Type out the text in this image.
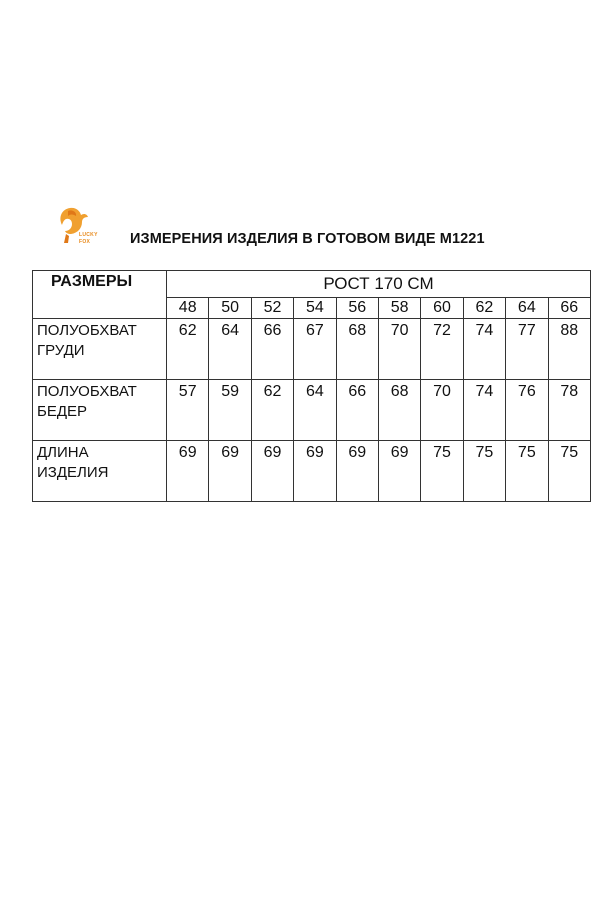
LUCKY
FOX	ИЗМЕРЕНИЯ ИЗДЕЛИЯ В ГОТОВОМ ВИДЕ М1221
РАЗМЕРЫ	РОСТ 170 СМ									
	48	50	52	54	56	58	60	62	64	66

ПОЛУОБХВАТ
ГРУДИ	62	64	66	67	68	70	72	74	77	88

ПОЛУОБХВАТ
БЕДЕР	57	59	62	64	66	68	70	74	76	78

ДЛИНА
ИЗДЕЛИЯ	69	69	69	69	69	69	75	75	75	75
